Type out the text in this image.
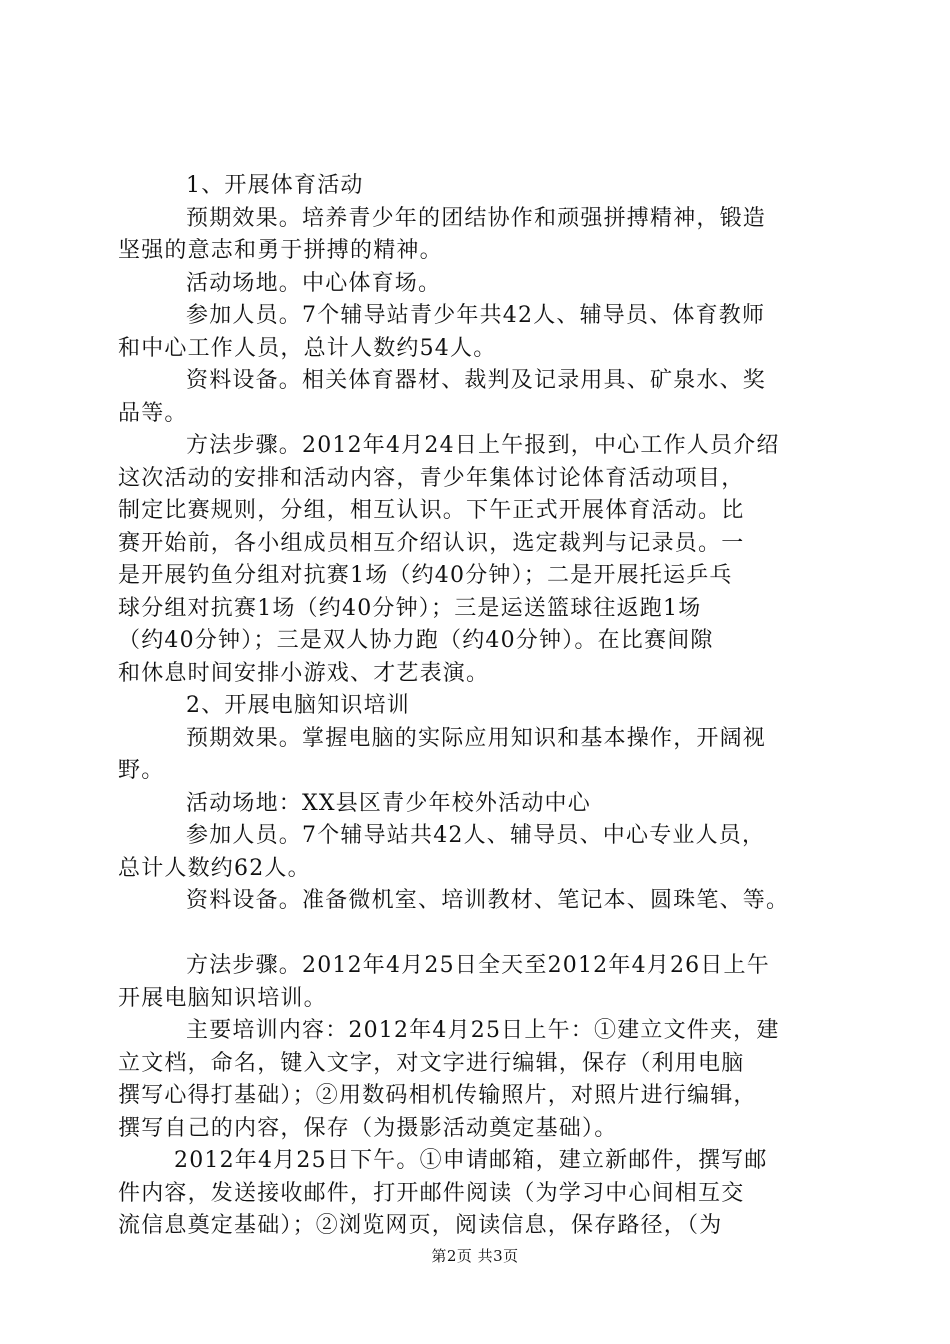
1、开展体育活动
预期效果。培养青少年的团结协作和顽强拼搏精神，锻造
坚强的意志和勇于拼搏的精神。
活动场地。中心体育场。
参加人员。7个辅导站青少年共42人、辅导员、体育教师
和中心工作人员，总计人数约54人。
资料设备。相关体育器材、裁判及记录用具、矿泉水、奖
品等。
方法步骤。2012年4月24日上午报到，中心工作人员介绍
这次活动的安排和活动内容，青少年集体讨论体育活动项目，
制定比赛规则，分组，相互认识。下午正式开展体育活动。比
赛开始前，各小组成员相互介绍认识，选定裁判与记录员。一
是开展钓鱼分组对抗赛1场（约40分钟）；二是开展托运乒乓
球分组对抗赛1场（约40分钟）；三是运送篮球往返跑1场
（约40分钟）；三是双人协力跑（约40分钟）。在比赛间隙
和休息时间安排小游戏、才艺表演。
2、开展电脑知识培训
预期效果。掌握电脑的实际应用知识和基本操作，开阔视
野。
活动场地：XX县区青少年校外活动中心
参加人员。7个辅导站共42人、辅导员、中心专业人员，
总计人数约62人。
资料设备。准备微机室、培训教材、笔记本、圆珠笔、等。
方法步骤。2012年4月25日全天至2012年4月26日上午
开展电脑知识培训。
主要培训内容：2012年4月25日上午：①建立文件夹，建
立文档，命名，键入文字，对文字进行编辑，保存（利用电脑
撰写心得打基础）；②用数码相机传输照片，对照片进行编辑，
撰写自己的内容，保存（为摄影活动奠定基础）。
2012年4月25日下午。①申请邮箱，建立新邮件，撰写邮
件内容，发送接收邮件，打开邮件阅读（为学习中心间相互交
流信息奠定基础）；②浏览网页，阅读信息，保存路径，（为
第2页 共3页
